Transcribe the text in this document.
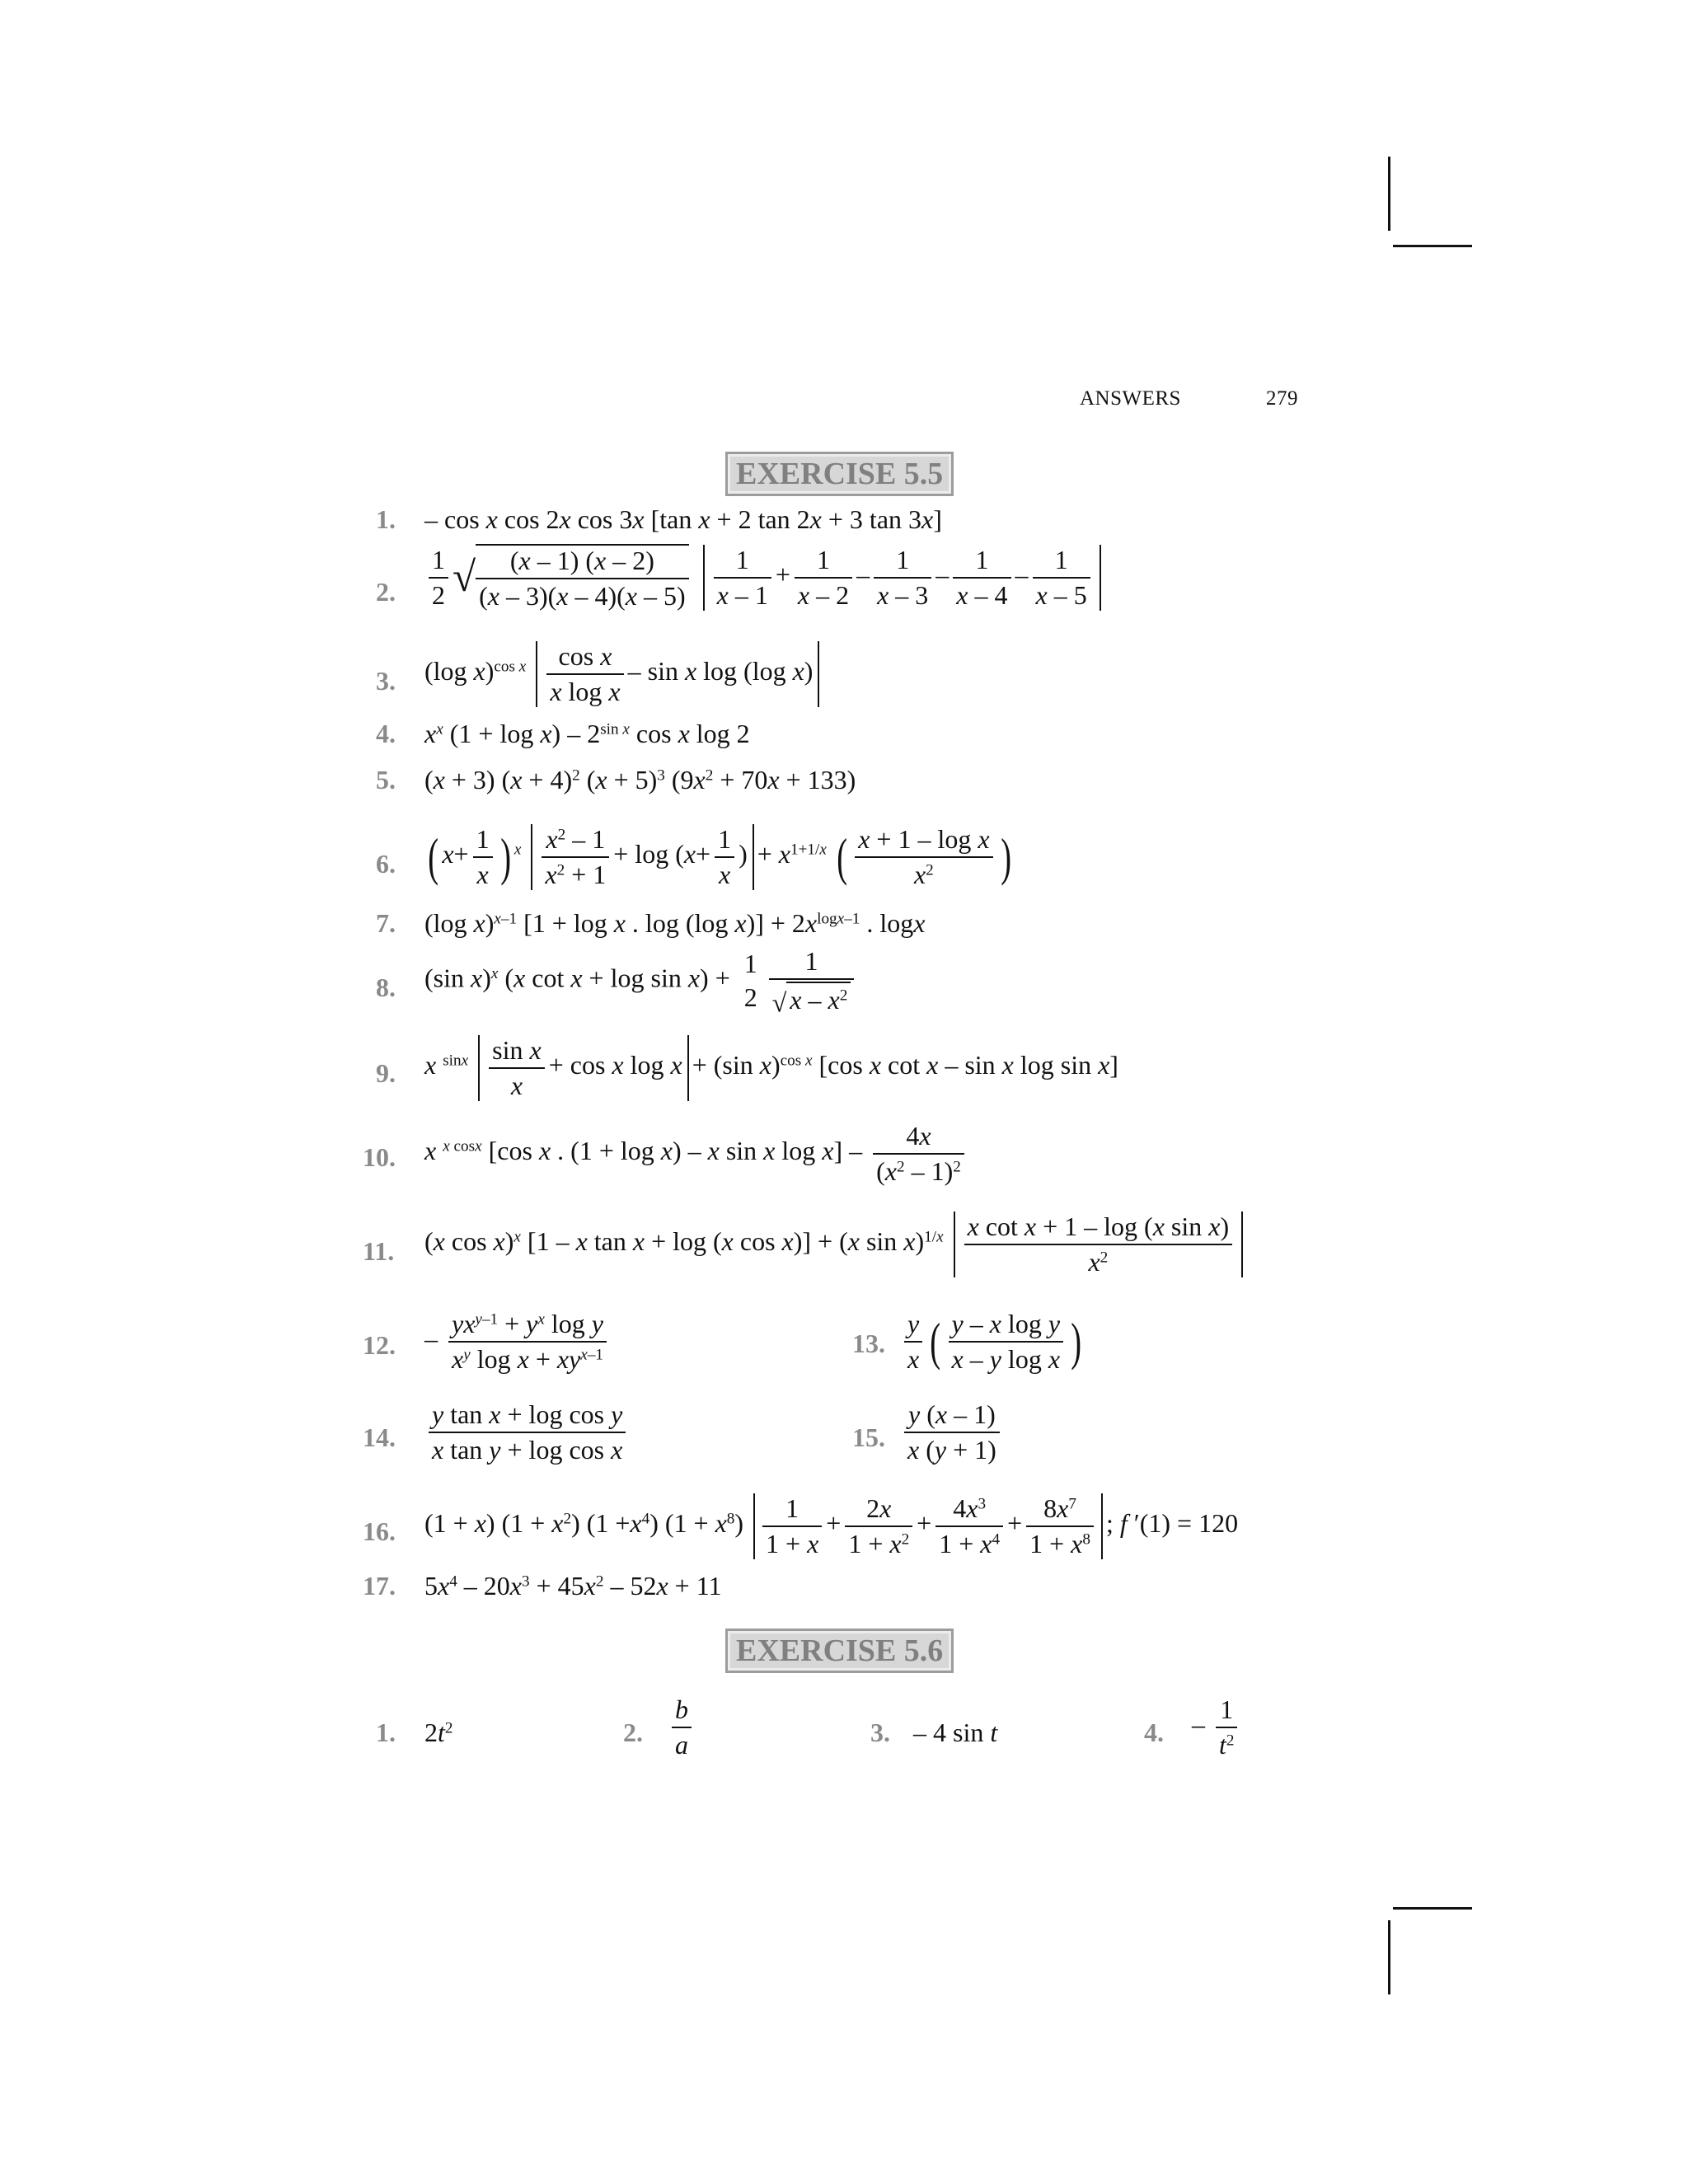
ANSWERS	279
EXERCISE 5.5
1. – cos x cos 2x cos 3x [tan x + 2 tan 2x + 3 tan 3x]
2. $\frac{1}{2}$ √ $\frac{(x - 1) (x - 2)}{(x - 3)(x - 4)(x - 5)}$
$\frac{1}{x - 1} + \frac{1}{x - 2} - \frac{1}{x - 3} - \frac{1}{x - 4} - \frac{1}{x - 5}$
3. (log $x)^{cos x} \frac{\text{cos x}}{\text{x log x}}$ – sin x log (log x)
4. $x^x$ $(1 + \log x) - 2^{sin x}$ cos x log 2
5. (x + 3) $(x + 4)^2$ $(x + 5)^3$ $(9x^2 + 70x + 133)$
6. ( $x+ \frac{1}{x}$ ) $^x \frac{x^2 - 1}{x^2 + 1} + \log (x+ \frac{1}{x}$ )+ $x^{1+1/x}$ ( $\frac{\text{x + 1 – log x}}{x^2}$ )
7. (log x)$^{x-1}$ [1 + log x . log (log $x)] + 2x^{logx-1}$ . logx
8. (sin x)$^x$ (x cot x + log sin x) + 1
$2 \frac{1}{√ x - x^2}$
9. x $^{sinx} \frac{\text{sin x}}{x} + \cos x$ log x + (sin x)$^{cos x}$ [cos x cot x – sin x log sin x]
10. x $^{x cosx}$ [cos x . (1 + log x) – x sin x $\log x] - \frac{4x}{(x^2 - 1)^2}$
11. (x cos x)$^x$ [1 – x tan x + log (x cos x)] + (x $\sin x)^{1/x} \frac{\text{x cot x + 1 – log (x sin x)}}{x^2}$
12. – $\frac{yx^{y-1} + y^x \log y}{x^y \log x + xy^{x-1}}$	13. $\frac{y}{x}$ ( $\frac{\text{y – x log y}}{\text{x – y log x}}$ )
14. $\frac{\text{y tan x + log cos y}}{\text{x tan y + log cos x}}$	15. $\frac{y (x - 1)}{x (y + 1)}$
16. (1 + x) $(1 + x^2)$ $(1 +x^4)$ $(1 + x^8) \frac{1}{1 + x} + \frac{2x}{1 + x^2} + \frac{4x^3}{1 + x^4} + \frac{8x^7}{1 + x^8}$ ; f ′(1) = 120
17. $5x^4 - 20x^3 + 45x^2 - 52x + 11$
EXERCISE 5.6
1. $2t^2$	2. $\frac{b}{a}$	3. – 4 sin t	4. – $\frac{1}{t^2}$
